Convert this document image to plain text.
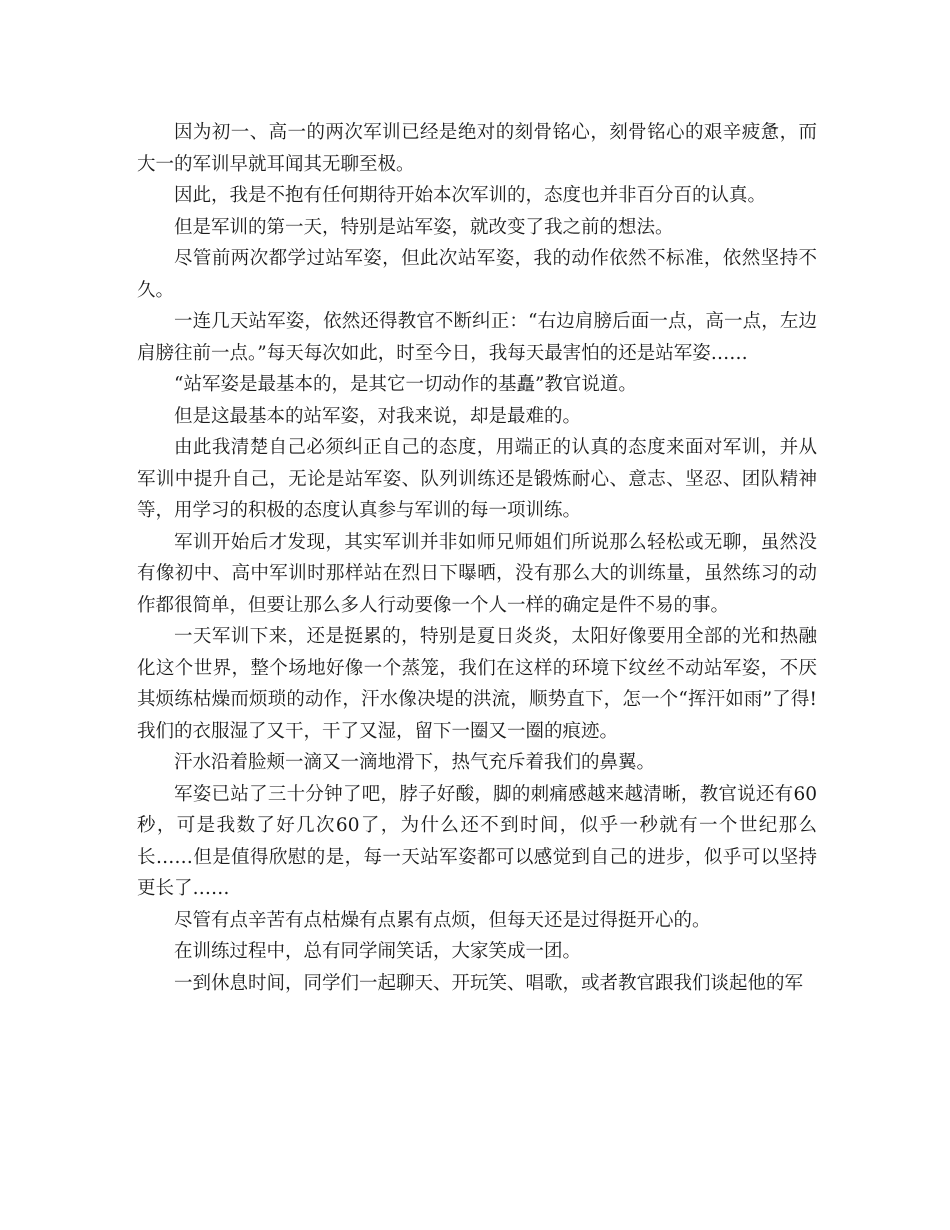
因为初一、高一的两次军训已经是绝对的刻骨铭心，刻骨铭心的艰辛疲惫，而大一的军训早就耳闻其无聊至极。

因此，我是不抱有任何期待开始本次军训的，态度也并非百分百的认真。

但是军训的第一天，特别是站军姿，就改变了我之前的想法。

尽管前两次都学过站军姿，但此次站军姿，我的动作依然不标准，依然坚持不久。

一连几天站军姿，依然还得教官不断纠正：“右边肩膀后面一点，高一点，左边肩膀往前一点。”每天每次如此，时至今日，我每天最害怕的还是站军姿……

“站军姿是最基本的，是其它一切动作的基矗”教官说道。

但是这最基本的站军姿，对我来说，却是最难的。

由此我清楚自己必须纠正自己的态度，用端正的认真的态度来面对军训，并从军训中提升自己，无论是站军姿、队列训练还是锻炼耐心、意志、坚忍、团队精神等，用学习的积极的态度认真参与军训的每一项训练。

军训开始后才发现，其实军训并非如师兄师姐们所说那么轻松或无聊，虽然没有像初中、高中军训时那样站在烈日下曝晒，没有那么大的训练量，虽然练习的动作都很简单，但要让那么多人行动要像一个人一样的确定是件不易的事。

一天军训下来，还是挺累的，特别是夏日炎炎，太阳好像要用全部的光和热融化这个世界，整个场地好像一个蒸笼，我们在这样的环境下纹丝不动站军姿，不厌其烦练枯燥而烦琐的动作，汗水像决堤的洪流，顺势直下，怎一个“挥汗如雨”了得!我们的衣服湿了又干，干了又湿，留下一圈又一圈的痕迹。

汗水沿着脸颊一滴又一滴地滑下，热气充斥着我们的鼻翼。

军姿已站了三十分钟了吧，脖子好酸，脚的刺痛感越来越清晰，教官说还有60秒，可是我数了好几次60了，为什么还不到时间，似乎一秒就有一个世纪那么长……但是值得欣慰的是，每一天站军姿都可以感觉到自己的进步，似乎可以坚持更长了……

尽管有点辛苦有点枯燥有点累有点烦，但每天还是过得挺开心的。

在训练过程中，总有同学闹笑话，大家笑成一团。

一到休息时间，同学们一起聊天、开玩笑、唱歌，或者教官跟我们谈起他的军
